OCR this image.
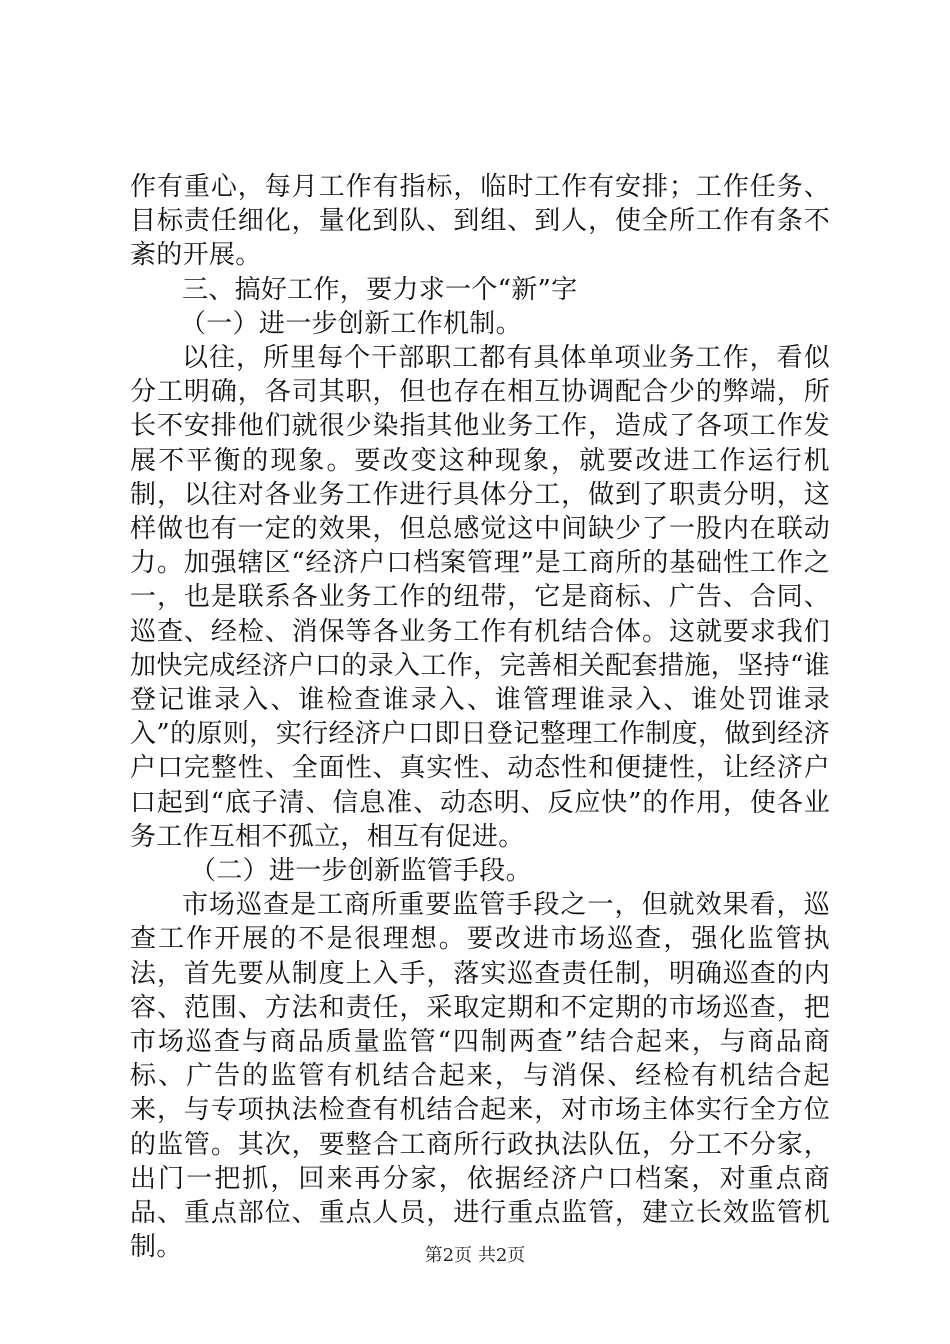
作有重心，每月工作有指标，临时工作有安排；工作任务、目标责任细化，量化到队、到组、到人，使全所工作有条不紊的开展。

三、搞好工作，要力求一个“新”字

（一）进一步创新工作机制。

以往，所里每个干部职工都有具体单项业务工作，看似分工明确，各司其职，但也存在相互协调配合少的弊端，所长不安排他们就很少染指其他业务工作，造成了各项工作发展不平衡的现象。要改变这种现象，就要改进工作运行机制，以往对各业务工作进行具体分工，做到了职责分明，这样做也有一定的效果，但总感觉这中间缺少了一股内在联动力。加强辖区“经济户口档案管理”是工商所的基础性工作之一，也是联系各业务工作的纽带，它是商标、广告、合同、巡查、经检、消保等各业务工作有机结合体。这就要求我们加快完成经济户口的录入工作，完善相关配套措施，坚持“谁登记谁录入、谁检查谁录入、谁管理谁录入、谁处罚谁录入”的原则，实行经济户口即日登记整理工作制度，做到经济户口完整性、全面性、真实性、动态性和便捷性，让经济户口起到“底子清、信息准、动态明、反应快”的作用，使各业务工作互相不孤立，相互有促进。

（二）进一步创新监管手段。

市场巡查是工商所重要监管手段之一，但就效果看，巡查工作开展的不是很理想。要改进市场巡查，强化监管执法，首先要从制度上入手，落实巡查责任制，明确巡查的内容、范围、方法和责任，采取定期和不定期的市场巡查，把市场巡查与商品质量监管“四制两查”结合起来，与商品商标、广告的监管有机结合起来，与消保、经检有机结合起来，与专项执法检查有机结合起来，对市场主体实行全方位的监管。其次，要整合工商所行政执法队伍，分工不分家，出门一把抓，回来再分家，依据经济户口档案，对重点商品、重点部位、重点人员，进行重点监管，建立长效监管机制。	第2页 共2页
